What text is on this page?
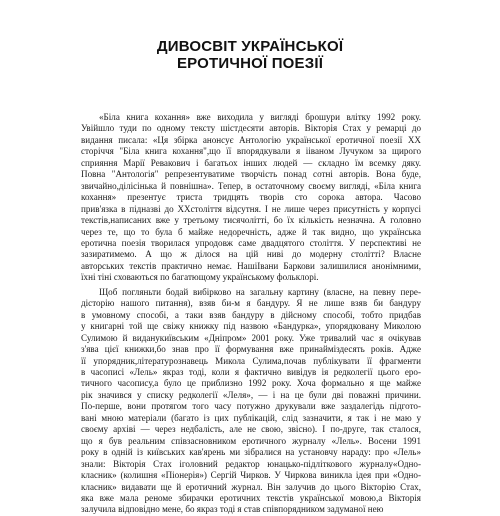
ДИВОСВІТ УКРАЇНСЬКОЇ
ЕРОТИЧНОЇ ПОЕЗІЇ
«Біла книга кохання» вже виходила у вигляді брошури влітку 1992 року.
Увійшло туди по одному тексту шістдесяти авторів. Вікторія Стах у ремарці до
видання писала: «Ця збірка анонсує Антологію української еротичної поезії XX
сторіччя "Біла книга кохання",що її впорядкували я ііваном Лучуком за щирого
сприяння Марії Ревакович і багатьох інших людей — складно їм всемку дяку.
Повна "Антологія" репрезентуватиме творчість понад сотні авторів. Вона буде,
звичайно,ділісінька й повнішна». Тепер, в остаточному своєму вигляді, «Біла книга
кохання» презентує триста тридцять творів сто сорока автора. Часово
прив'язка в підназві до XXстоліття відсутня. І не лише через присутність у корпусі
текстів,написаних вже у третьому тисячолітті, бо їх кількість незначна. А головно
через те, що то була б майже недоречність, адже й так видно, що українська
еротична поезія творилася упродовж саме двадцятого століття. У перспективі не
зазиратимемо. А що ж ділося на цій ниві до модерну столітті? Власне
авторських текстів практично немає. НашіІвани Баркови залишилися анонімними,
їхні тіні сховаються по багатющому українському фольклорі.
Щоб погляньти бодай вибірково на загальну картину (власне, на певну пере-
дісторію нашого питання), взяв би-м я бандуру. Я не лише взяв би бандуру
в умовному способі, а таки взяв бандуру в дійсному способі, тобто придбав
у книгарні той ще свіжу книжку під назвою «Бандурка», упорядковану Миколою
Сулимою й виданукиївським «Дніпром» 2001 року. Уже тривалий час я очікував
з'ява цієї книжки,бо знав про її формування вже принайміздесять років. Адже
її упорядник,літературознавець Микола Сулима,почав публікувати її фрагменти
в часописі «Лель» якраз тоді, коли я фактично вивідув ія редколегії цього еро-
тичного часопису,а було це приблизно 1992 року. Хоча формально я ще майже
рік значився у списку редколегії «Леля», — і на це були дві поважні причини.
По-перше, вони протягом того часу потужно друкували вже заздалегідь підгото-
вані мною матеріали (багато із цих публікацій, слід зазначити, я так і не маю у
своєму архіві — через недбалість, але не свою, звісно). І по-друге, так сталося,
що я був реальним співзасновником еротичного журналу «Лель». Восени 1991
року в одній із київських кав'ярень ми зібралися на установчу нараду: про «Лель»
знали: Вікторія Стах іголовний редактор юнацько-підліткового журналу«Одно-
класник» (колишня «Піонерія») Сергій Чирков. У Чиркова виникла ідея при «Одно-
класник» видавати ще й еротичний журнал. Він залучив до цього Вікторію Стах,
яка вже мала реноме збирачки еротичних текстів української мовою,а Вікторія
залучила відповідно мене, бо якраз тоді я став співпорядником задуманої нею
